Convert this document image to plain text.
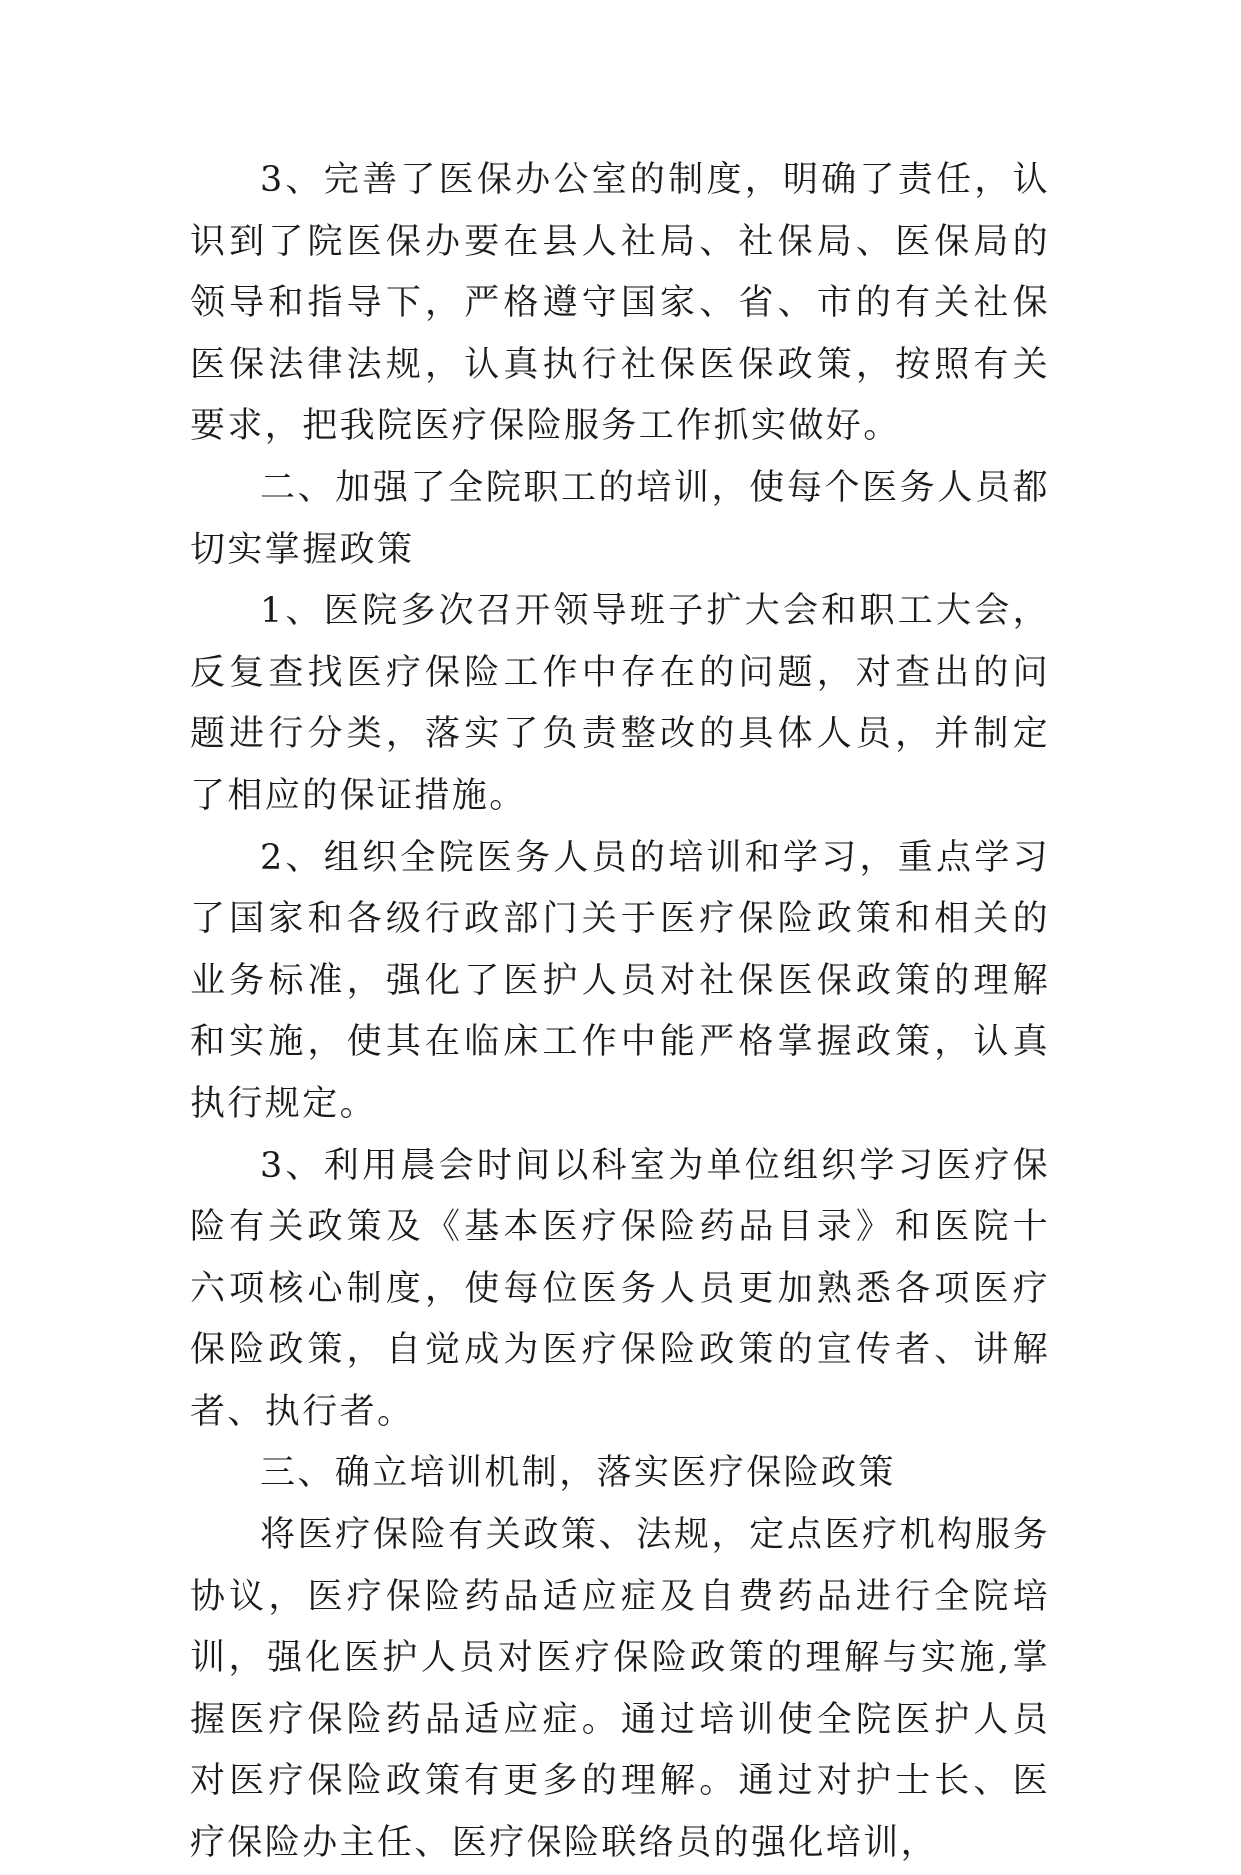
3、完善了医保办公室的制度，明确了责任，认识到了院医保办要在县人社局、社保局、医保局的领导和指导下，严格遵守国家、省、市的有关社保医保法律法规，认真执行社保医保政策，按照有关要求，把我院医疗保险服务工作抓实做好。

二、加强了全院职工的培训，使每个医务人员都切实掌握政策

1、医院多次召开领导班子扩大会和职工大会，反复查找医疗保险工作中存在的问题，对查出的问题进行分类，落实了负责整改的具体人员，并制定了相应的保证措施。

2、组织全院医务人员的培训和学习，重点学习了国家和各级行政部门关于医疗保险政策和相关的业务标准，强化了医护人员对社保医保政策的理解和实施，使其在临床工作中能严格掌握政策，认真执行规定。

3、利用晨会时间以科室为单位组织学习医疗保险有关政策及《基本医疗保险药品目录》和医院十六项核心制度，使每位医务人员更加熟悉各项医疗保险政策，自觉成为医疗保险政策的宣传者、讲解者、执行者。

三、确立培训机制，落实医疗保险政策

将医疗保险有关政策、法规，定点医疗机构服务协议，医疗保险药品适应症及自费药品进行全院培训，强化医护人员对医疗保险政策的理解与实施,掌握医疗保险药品适应症。通过培训使全院医护人员对医疗保险政策有更多的理解。通过对护士长、医疗保险办主任、医疗保险联络员的强化培训，
